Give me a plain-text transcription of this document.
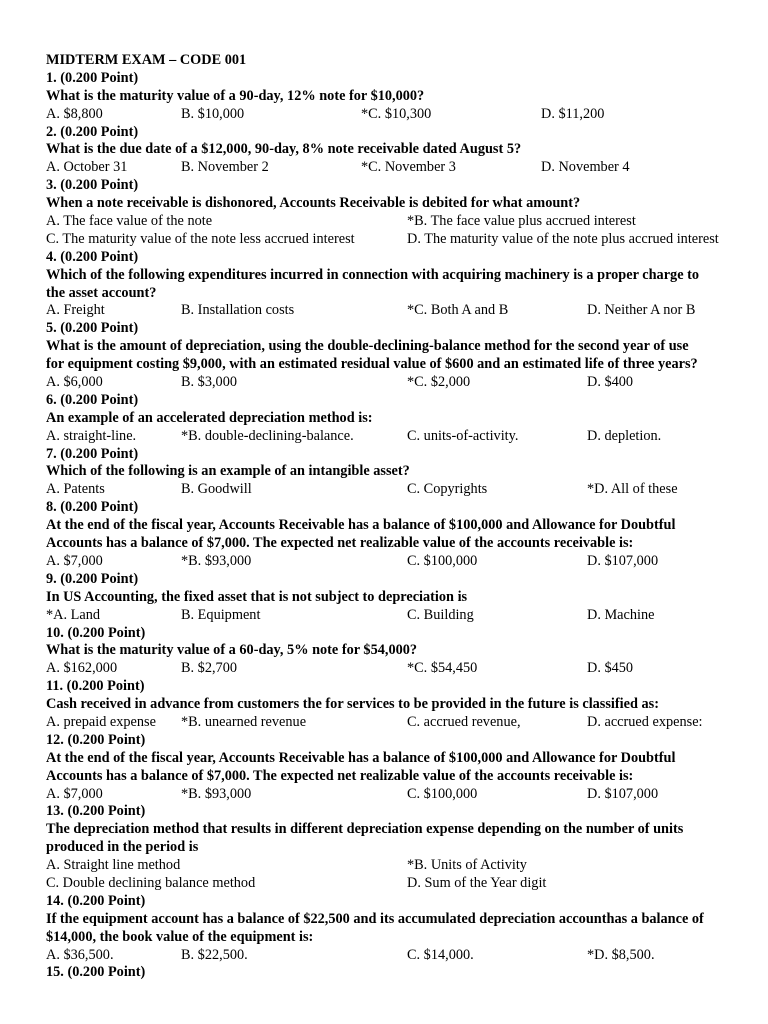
MIDTERM EXAM – CODE 001
1. (0.200 Point)
What is the maturity value of a 90-day, 12% note for $10,000?
A. $8,800	B. $10,000	*C. $10,300	D. $11,200
2. (0.200 Point)
What is the due date of a $12,000, 90-day, 8% note receivable dated August 5?
A. October 31	B. November 2	*C. November 3	D. November 4
3. (0.200 Point)
When a note receivable is dishonored, Accounts Receivable is debited for what amount?
A. The face value of the note	*B. The face value plus accrued interest
C. The maturity value of the note less accrued interest	D. The maturity value of the note plus accrued interest
4. (0.200 Point)
Which of the following expenditures incurred in connection with acquiring machinery is a proper charge to
the asset account?
A. Freight	B. Installation costs	*C. Both A and B	D. Neither A nor B
5. (0.200 Point)
What is the amount of depreciation, using the double-declining-balance method for the second year of use
for equipment costing $9,000, with an estimated residual value of $600 and an estimated life of three years?
A. $6,000	B. $3,000	*C. $2,000	D. $400
6. (0.200 Point)
An example of an accelerated depreciation method is:
A. straight-line.	*B. double-declining-balance.	C. units-of-activity.	D. depletion.
7. (0.200 Point)
Which of the following is an example of an intangible asset?
A. Patents	B. Goodwill	C. Copyrights	*D. All of these
8. (0.200 Point)
At the end of the fiscal year, Accounts Receivable has a balance of $100,000 and Allowance for Doubtful
Accounts has a balance of $7,000. The expected net realizable value of the accounts receivable is:
A. $7,000	*B. $93,000	C. $100,000	D. $107,000
9. (0.200 Point)
In US Accounting, the fixed asset that is not subject to depreciation is
*A. Land	B. Equipment	C. Building	D. Machine
10. (0.200 Point)
What is the maturity value of a 60-day, 5% note for $54,000?
A. $162,000	B. $2,700	*C. $54,450	D. $450
11. (0.200 Point)
Cash received in advance from customers the for services to be provided in the future is classified as:
A. prepaid expense *B. unearned revenue	C. accrued revenue,	D. accrued expense:
12. (0.200 Point)
At the end of the fiscal year, Accounts Receivable has a balance of $100,000 and Allowance for Doubtful
Accounts has a balance of $7,000. The expected net realizable value of the accounts receivable is:
A. $7,000	*B. $93,000	C. $100,000	D. $107,000
13. (0.200 Point)
The depreciation method that results in different depreciation expense depending on the number of units
produced in the period is
A. Straight line method	*B. Units of Activity
C. Double declining balance method	D. Sum of the Year digit
14. (0.200 Point)
If the equipment account has a balance of $22,500 and its accumulated depreciation accounthas a balance of
$14,000, the book value of the equipment is:
A. $36,500.	B. $22,500.	C. $14,000.	*D. $8,500.
15. (0.200 Point)
